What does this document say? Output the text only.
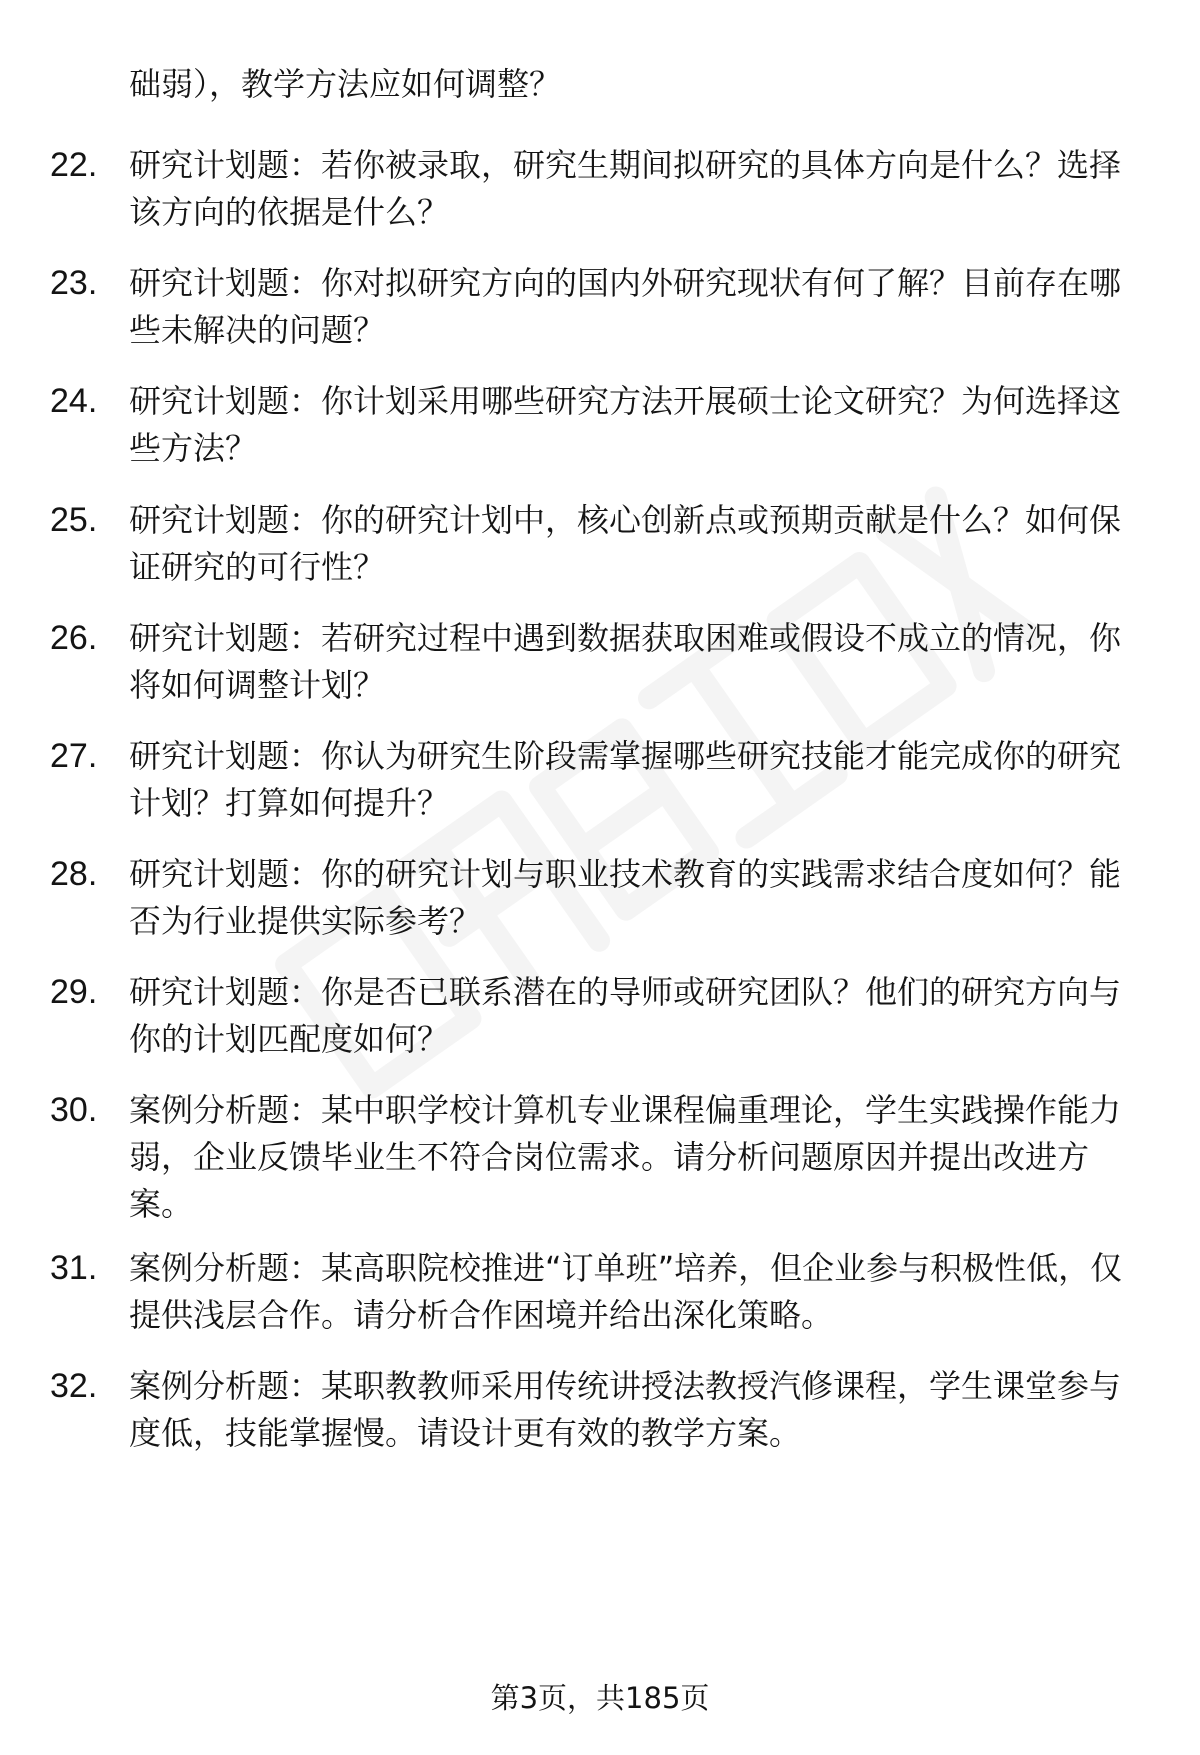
础弱），教学方法应如何调整？
22. 研究计划题：若你被录取，研究生期间拟研究的具体方向是什么？选择该方向的依据是什么？
23. 研究计划题：你对拟研究方向的国内外研究现状有何了解？目前存在哪些未解决的问题？
24. 研究计划题：你计划采用哪些研究方法开展硕士论文研究？为何选择这些方法？
25. 研究计划题：你的研究计划中，核心创新点或预期贡献是什么？如何保证研究的可行性？
26. 研究计划题：若研究过程中遇到数据获取困难或假设不成立的情况，你将如何调整计划？
27. 研究计划题：你认为研究生阶段需掌握哪些研究技能才能完成你的研究计划？打算如何提升？
28. 研究计划题：你的研究计划与职业技术教育的实践需求结合度如何？能否为行业提供实际参考？
29. 研究计划题：你是否已联系潜在的导师或研究团队？他们的研究方向与你的计划匹配度如何？
30. 案例分析题：某中职学校计算机专业课程偏重理论，学生实践操作能力弱，企业反馈毕业生不符合岗位需求。请分析问题原因并提出改进方案。
31. 案例分析题：某高职院校推进“订单班”培养，但企业参与积极性低，仅提供浅层合作。请分析合作困境并给出深化策略。
32. 案例分析题：某职教教师采用传统讲授法教授汽修课程，学生课堂参与度低，技能掌握慢。请设计更有效的教学方案。
第3页，共185页
